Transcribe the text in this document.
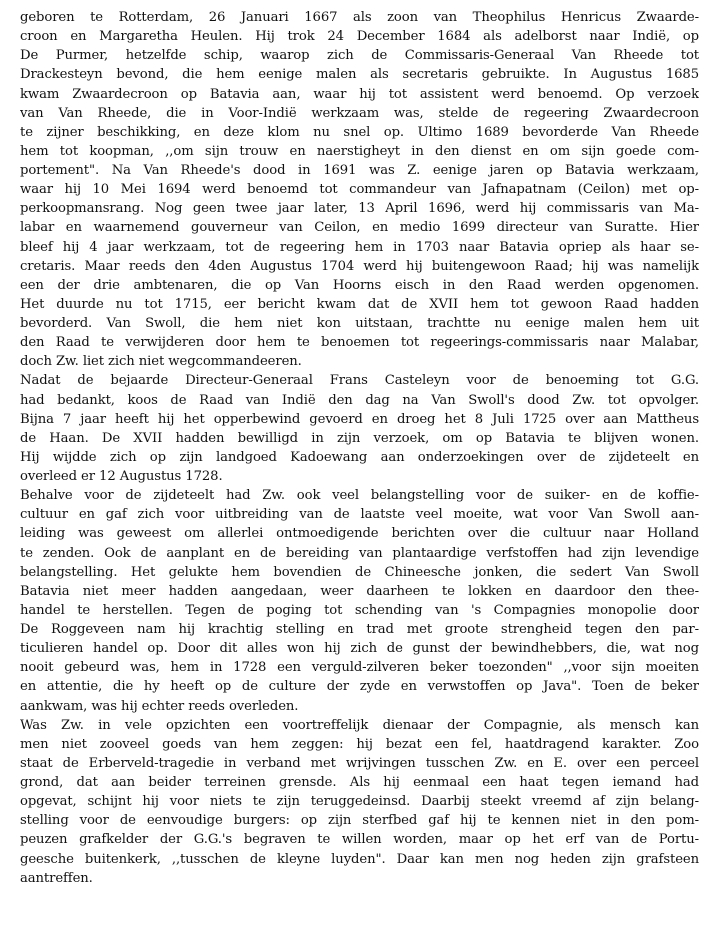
geboren te Rotterdam, 26 Januari 1667 als zoon van Theophilus Henricus Zwaarde-
croon en Margaretha Heulen. Hij trok 24 December 1684 als adelborst naar Indië, op
De Purmer, hetzelfde schip, waarop zich de Commissaris-Generaal Van Rheede tot
Drackesteyn bevond, die hem eenige malen als secretaris gebruikte. In Augustus 1685
kwam Zwaardecroon op Batavia aan, waar hij tot assistent werd benoemd. Op verzoek
van Van Rheede, die in Voor-Indië werkzaam was, stelde de regeering Zwaardecroon
te zijner beschikking, en deze klom nu snel op. Ultimo 1689 bevorderde Van Rheede
hem tot koopman, ,,om sijn trouw en naerstigheyt in den dienst en om sijn goede com-
portement". Na Van Rheede's dood in 1691 was Z. eenige jaren op Batavia werkzaam,
waar hij 10 Mei 1694 werd benoemd tot commandeur van Jafnapatnam (Ceilon) met op-
perkoopmansrang. Nog geen twee jaar later, 13 April 1696, werd hij commissaris van Ma-
labar en waarnemend gouverneur van Ceilon, en medio 1699 directeur van Suratte. Hier
bleef hij 4 jaar werkzaam, tot de regeering hem in 1703 naar Batavia opriep als haar se-
cretaris. Maar reeds den 4den Augustus 1704 werd hij buitengewoon Raad; hij was namelijk
een der drie ambtenaren, die op Van Hoorns eisch in den Raad werden opgenomen.
Het duurde nu tot 1715, eer bericht kwam dat de XVII hem tot gewoon Raad hadden
bevorderd. Van Swoll, die hem niet kon uitstaan, trachtte nu eenige malen hem uit
den Raad te verwijderen door hem te benoemen tot regeerings-commissaris naar Malabar,
doch Zw. liet zich niet wegcommandeeren.
Nadat de bejaarde Directeur-Generaal Frans Casteleyn voor de benoeming tot G.G.
had bedankt, koos de Raad van Indië den dag na Van Swoll's dood Zw. tot opvolger.
Bijna 7 jaar heeft hij het opperbewind gevoerd en droeg het 8 Juli 1725 over aan Mattheus
de Haan. De XVII hadden bewilligd in zijn verzoek, om op Batavia te blijven wonen.
Hij wijdde zich op zijn landgoed Kadoewang aan onderzoekingen over de zijdeteelt en
overleed er 12 Augustus 1728.
Behalve voor de zijdeteelt had Zw. ook veel belangstelling voor de suiker- en de koffie-
cultuur en gaf zich voor uitbreiding van de laatste veel moeite, wat voor Van Swoll aan-
leiding was geweest om allerlei ontmoedigende berichten over die cultuur naar Holland
te zenden. Ook de aanplant en de bereiding van plantaardige verfstoffen had zijn levendige
belangstelling. Het gelukte hem bovendien de Chineesche jonken, die sedert Van Swoll
Batavia niet meer hadden aangedaan, weer daarheen te lokken en daardoor den thee-
handel te herstellen. Tegen de poging tot schending van 's Compagnies monopolie door
De Roggeveen nam hij krachtig stelling en trad met groote strengheid tegen den par-
ticulieren handel op. Door dit alles won hij zich de gunst der bewindhebbers, die, wat nog
nooit gebeurd was, hem in 1728 een verguld-zilveren beker toezonden" ,,voor sijn moeiten
en attentie, die hy heeft op de culture der zyde en verwstoffen op Java". Toen de beker
aankwam, was hij echter reeds overleden.
Was Zw. in vele opzichten een voortreffelijk dienaar der Compagnie, als mensch kan
men niet zooveel goeds van hem zeggen: hij bezat een fel, haatdragend karakter. Zoo
staat de Erberveld-tragedie in verband met wrijvingen tusschen Zw. en E. over een perceel
grond, dat aan beider terreinen grensde. Als hij eenmaal een haat tegen iemand had
opgevat, schijnt hij voor niets te zijn teruggedeinsd. Daarbij steekt vreemd af zijn belang-
stelling voor de eenvoudige burgers: op zijn sterfbed gaf hij te kennen niet in den pom-
peuzen grafkelder der G.G.'s begraven te willen worden, maar op het erf van de Portu-
geesche buitenkerk, ,,tusschen de kleyne luyden". Daar kan men nog heden zijn grafsteen
aantreffen.
